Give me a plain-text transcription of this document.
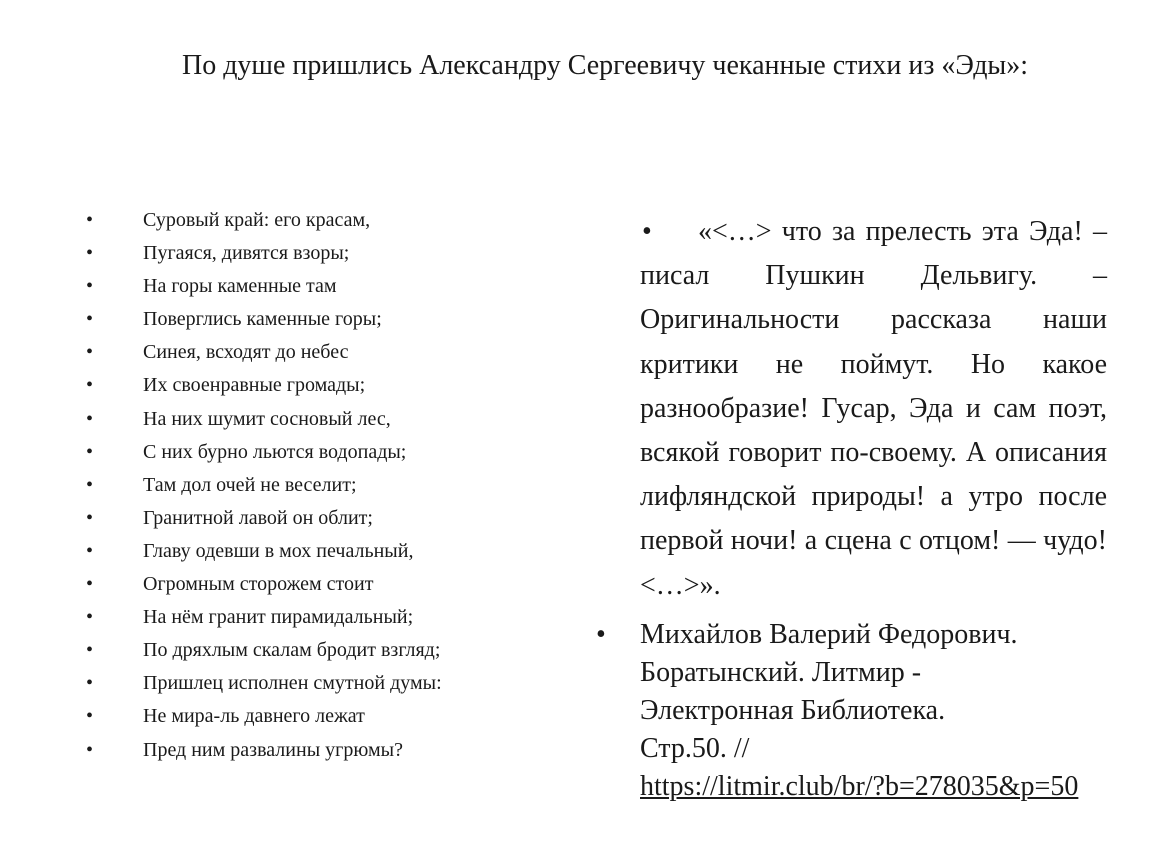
По душе пришлись Александру Сергеевичу чеканные стихи из «Эды»:
• Суровый край: его красам,
• Пугаяся, дивятся взоры;
• На горы каменные там
• Поверглись каменные горы;
• Синея, всходят до небес
• Их своенравные громады;
• На них шумит сосновый лес,
• С них бурно льются водопады;
• Там дол очей не веселит;
• Гранитной лавой он облит;
• Главу одевши в мох печальный,
• Огромным сторожем стоит
• На нём гранит пирамидальный;
• По дряхлым скалам бродит взгляд;
• Пришлец исполнен смутной думы:
• Не мира-ль давнего лежат
• Пред ним развалины угрюмы?
•	«<…> что за прелесть эта Эда! – писал Пушкин Дельвигу. – Оригинальности рассказа наши критики не поймут. Но какое разнообразие! Гусар, Эда и сам поэт, всякой говорит по-своему. А описания лифляндской природы! а утро после первой ночи! а сцена с отцом! — чудо! <…>».
• Михайлов Валерий Федорович.
Боратынский. Литмир -
Электронная Библиотека.
Стр.50. //
https://litmir.club/br/?b=278035&p=50
